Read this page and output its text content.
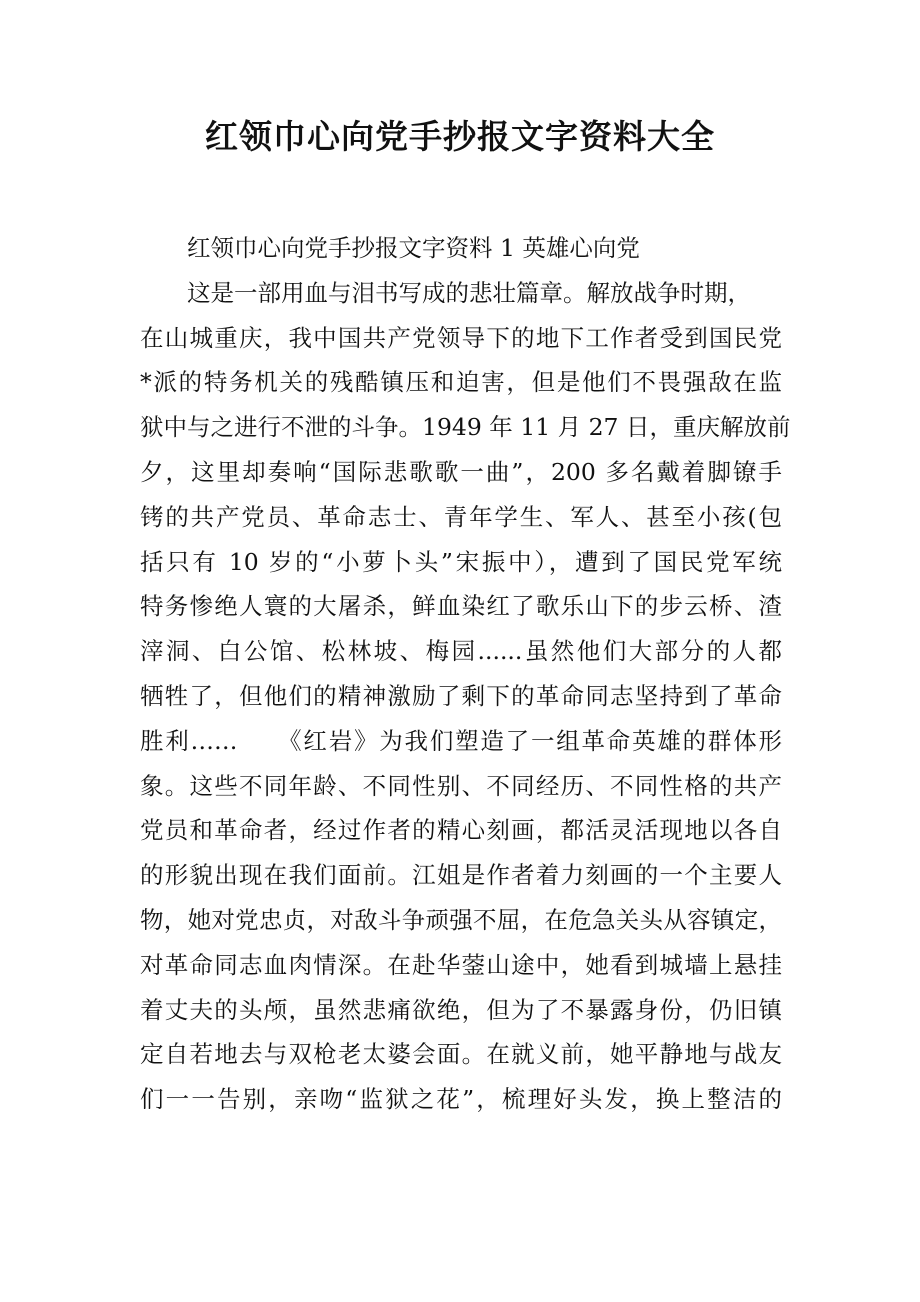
红领巾心向党手抄报文字资料大全
红领巾心向党手抄报文字资料 1 英雄心向党
这是一部用血与泪书写成的悲壮篇章。解放战争时期，
在山城重庆，我中国共产党领导下的地下工作者受到国民党
*派的特务机关的残酷镇压和迫害，但是他们不畏强敌在监
狱中与之进行不泄的斗争。1949 年 11 月 27 日，重庆解放前
夕，这里却奏响“国际悲歌歌一曲”，200 多名戴着脚镣手
铐的共产党员、革命志士、青年学生、军人、甚至小孩(包
括只有 10 岁的“小萝卜头”宋振中），遭到了国民党军统
特务惨绝人寰的大屠杀，鲜血染红了歌乐山下的步云桥、渣
滓洞、白公馆、松林坡、梅园......虽然他们大部分的人都
牺牲了，但他们的精神激励了剩下的革命同志坚持到了革命
胜利……　　《红岩》为我们塑造了一组革命英雄的群体形
象。这些不同年龄、不同性别、不同经历、不同性格的共产
党员和革命者，经过作者的精心刻画，都活灵活现地以各自
的形貌出现在我们面前。江姐是作者着力刻画的一个主要人
物，她对党忠贞，对敌斗争顽强不屈，在危急关头从容镇定，
对革命同志血肉情深。在赴华蓥山途中，她看到城墙上悬挂
着丈夫的头颅，虽然悲痛欲绝，但为了不暴露身份，仍旧镇
定自若地去与双枪老太婆会面。在就义前，她平静地与战友
们一一告别，亲吻“监狱之花”，梳理好头发，换上整洁的
